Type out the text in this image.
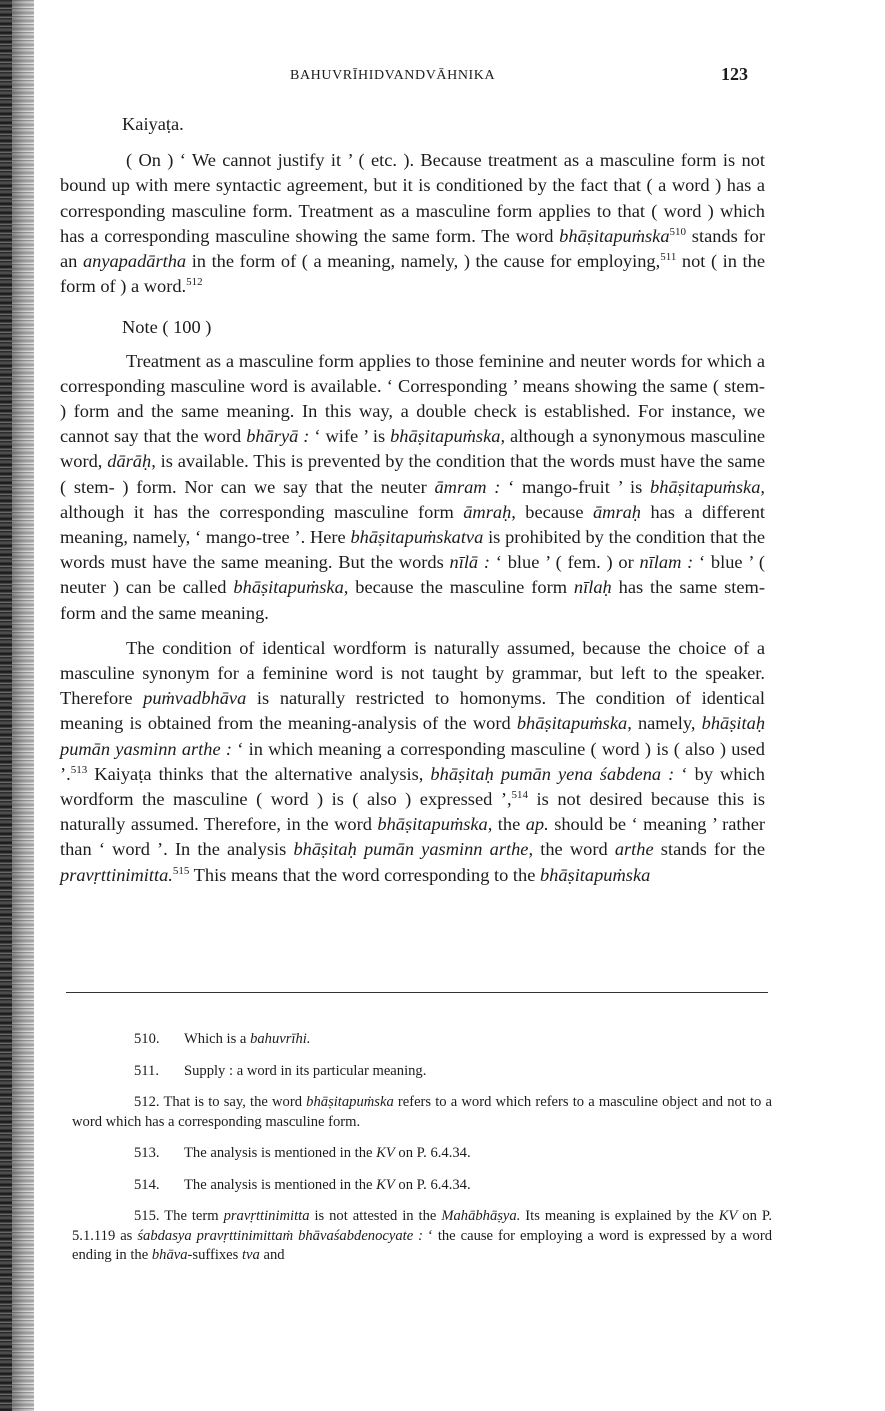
BAHUVRĪHIDVANDVĀHNIKA	123

Kaiyaṭa.

( On ) ‘ We cannot justify it ’ ( etc. ). Because treatment as a masculine form is not bound up with mere syntactic agreement, but it is conditioned by the fact that ( a word ) has a corresponding masculine form. Treatment as a masculine form applies to that ( word ) which has a corresponding masculine showing the same form. The word bhāṣitapuṁska$^{510}$ stands for an anyapadārtha in the form of ( a meaning, namely, ) the cause for employing,$^{511}$ not ( in the form of ) a word.$^{512}$

Note ( 100 )

Treatment as a masculine form applies to those feminine and neuter words for which a corresponding masculine word is available. ‘ Corresponding ’ means showing the same ( stem- ) form and the same meaning. In this way, a double check is established. For instance, we cannot say that the word bhāryā : ‘ wife ’ is bhāṣitapuṁska, although a synonymous masculine word, dārāḥ, is available. This is prevented by the condition that the words must have the same ( stem- ) form. Nor can we say that the neuter āmram : ‘ mango-fruit ’ is bhāṣitapuṁska, although it has the corresponding masculine form āmraḥ, because āmraḥ has a different meaning, namely, ‘ mango-tree ’. Here bhāṣitapuṁskatva is prohibited by the condition that the words must have the same meaning. But the words nīlā : ‘ blue ’ ( fem. ) or nīlam : ‘ blue ’ ( neuter ) can be called bhāṣitapuṁska, because the masculine form nīlaḥ has the same stem-form and the same meaning.

The condition of identical wordform is naturally assumed, because the choice of a masculine synonym for a feminine word is not taught by grammar, but left to the speaker. Therefore puṁvadbhāva is naturally restricted to homonyms. The condition of identical meaning is obtained from the meaning-analysis of the word bhāṣitapuṁska, namely, bhāṣitaḥ pumān yasminn arthe : ‘ in which meaning a corresponding masculine ( word ) is ( also ) used ’.$^{513}$ Kaiyaṭa thinks that the alternative analysis, bhāṣitaḥ pumān yena śabdena : ‘ by which wordform the masculine ( word ) is ( also ) expressed ’,$^{514}$ is not desired because this is naturally assumed. Therefore, in the word bhāṣitapuṁska, the ap. should be ‘ meaning ’ rather than ‘ word ’. In the analysis bhāṣitaḥ pumān yasminn arthe, the word arthe stands for the pravṛttinimitta.$^{515}$ This means that the word corresponding to the bhāṣitapuṁska

510.Which is a bahuvrīhi.

511.Supply : a word in its particular meaning.

512. That is to say, the word bhāṣitapuṁska refers to a word which refers to a masculine object and not to a word which has a corresponding masculine form.

513.The analysis is mentioned in the KV on P. 6.4.34.

514.The analysis is mentioned in the KV on P. 6.4.34.

515. The term pravṛttinimitta is not attested in the Mahābhāṣya. Its meaning is explained by the KV on P. 5.1.119 as śabdasya pravṛttinimittaṁ bhāvaśabdenocyate : ‘ the cause for employing a word is expressed by a word ending in the bhāva-suffixes tva and
